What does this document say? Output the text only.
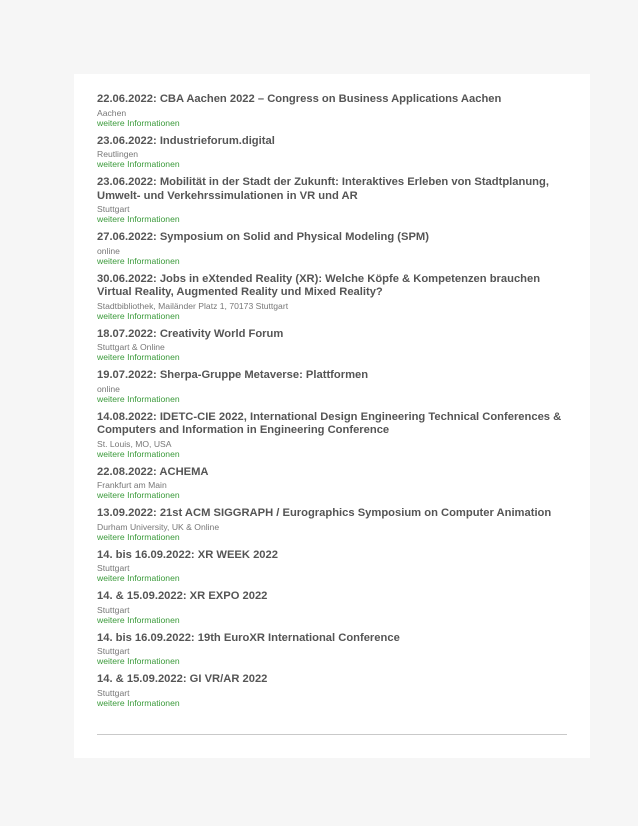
22.06.2022: CBA Aachen 2022 – Congress on Business Applications Aachen
Aachen
weitere Informationen
23.06.2022: Industrieforum.digital
Reutlingen
weitere Informationen
23.06.2022: Mobilität in der Stadt der Zukunft: Interaktives Erleben von Stadtplanung, Umwelt- und Verkehrssimulationen in VR und AR
Stuttgart
weitere Informationen
27.06.2022: Symposium on Solid and Physical Modeling (SPM)
online
weitere Informationen
30.06.2022: Jobs in eXtended Reality (XR): Welche Köpfe & Kompetenzen brauchen Virtual Reality, Augmented Reality und Mixed Reality?
Stadtbibliothek, Mailänder Platz 1, 70173 Stuttgart
weitere Informationen
18.07.2022: Creativity World Forum
Stuttgart & Online
weitere Informationen
19.07.2022: Sherpa-Gruppe Metaverse: Plattformen
online
weitere Informationen
14.08.2022: IDETC-CIE 2022, International Design Engineering Technical Conferences & Computers and Information in Engineering Conference
St. Louis, MO, USA
weitere Informationen
22.08.2022: ACHEMA
Frankfurt am Main
weitere Informationen
13.09.2022: 21st ACM SIGGRAPH / Eurographics Symposium on Computer Animation
Durham University, UK & Online
weitere Informationen
14. bis 16.09.2022: XR WEEK 2022
Stuttgart
weitere Informationen
14. & 15.09.2022: XR EXPO 2022
Stuttgart
weitere Informationen
14. bis 16.09.2022: 19th EuroXR International Conference
Stuttgart
weitere Informationen
14. & 15.09.2022: GI VR/AR 2022
Stuttgart
weitere Informationen
